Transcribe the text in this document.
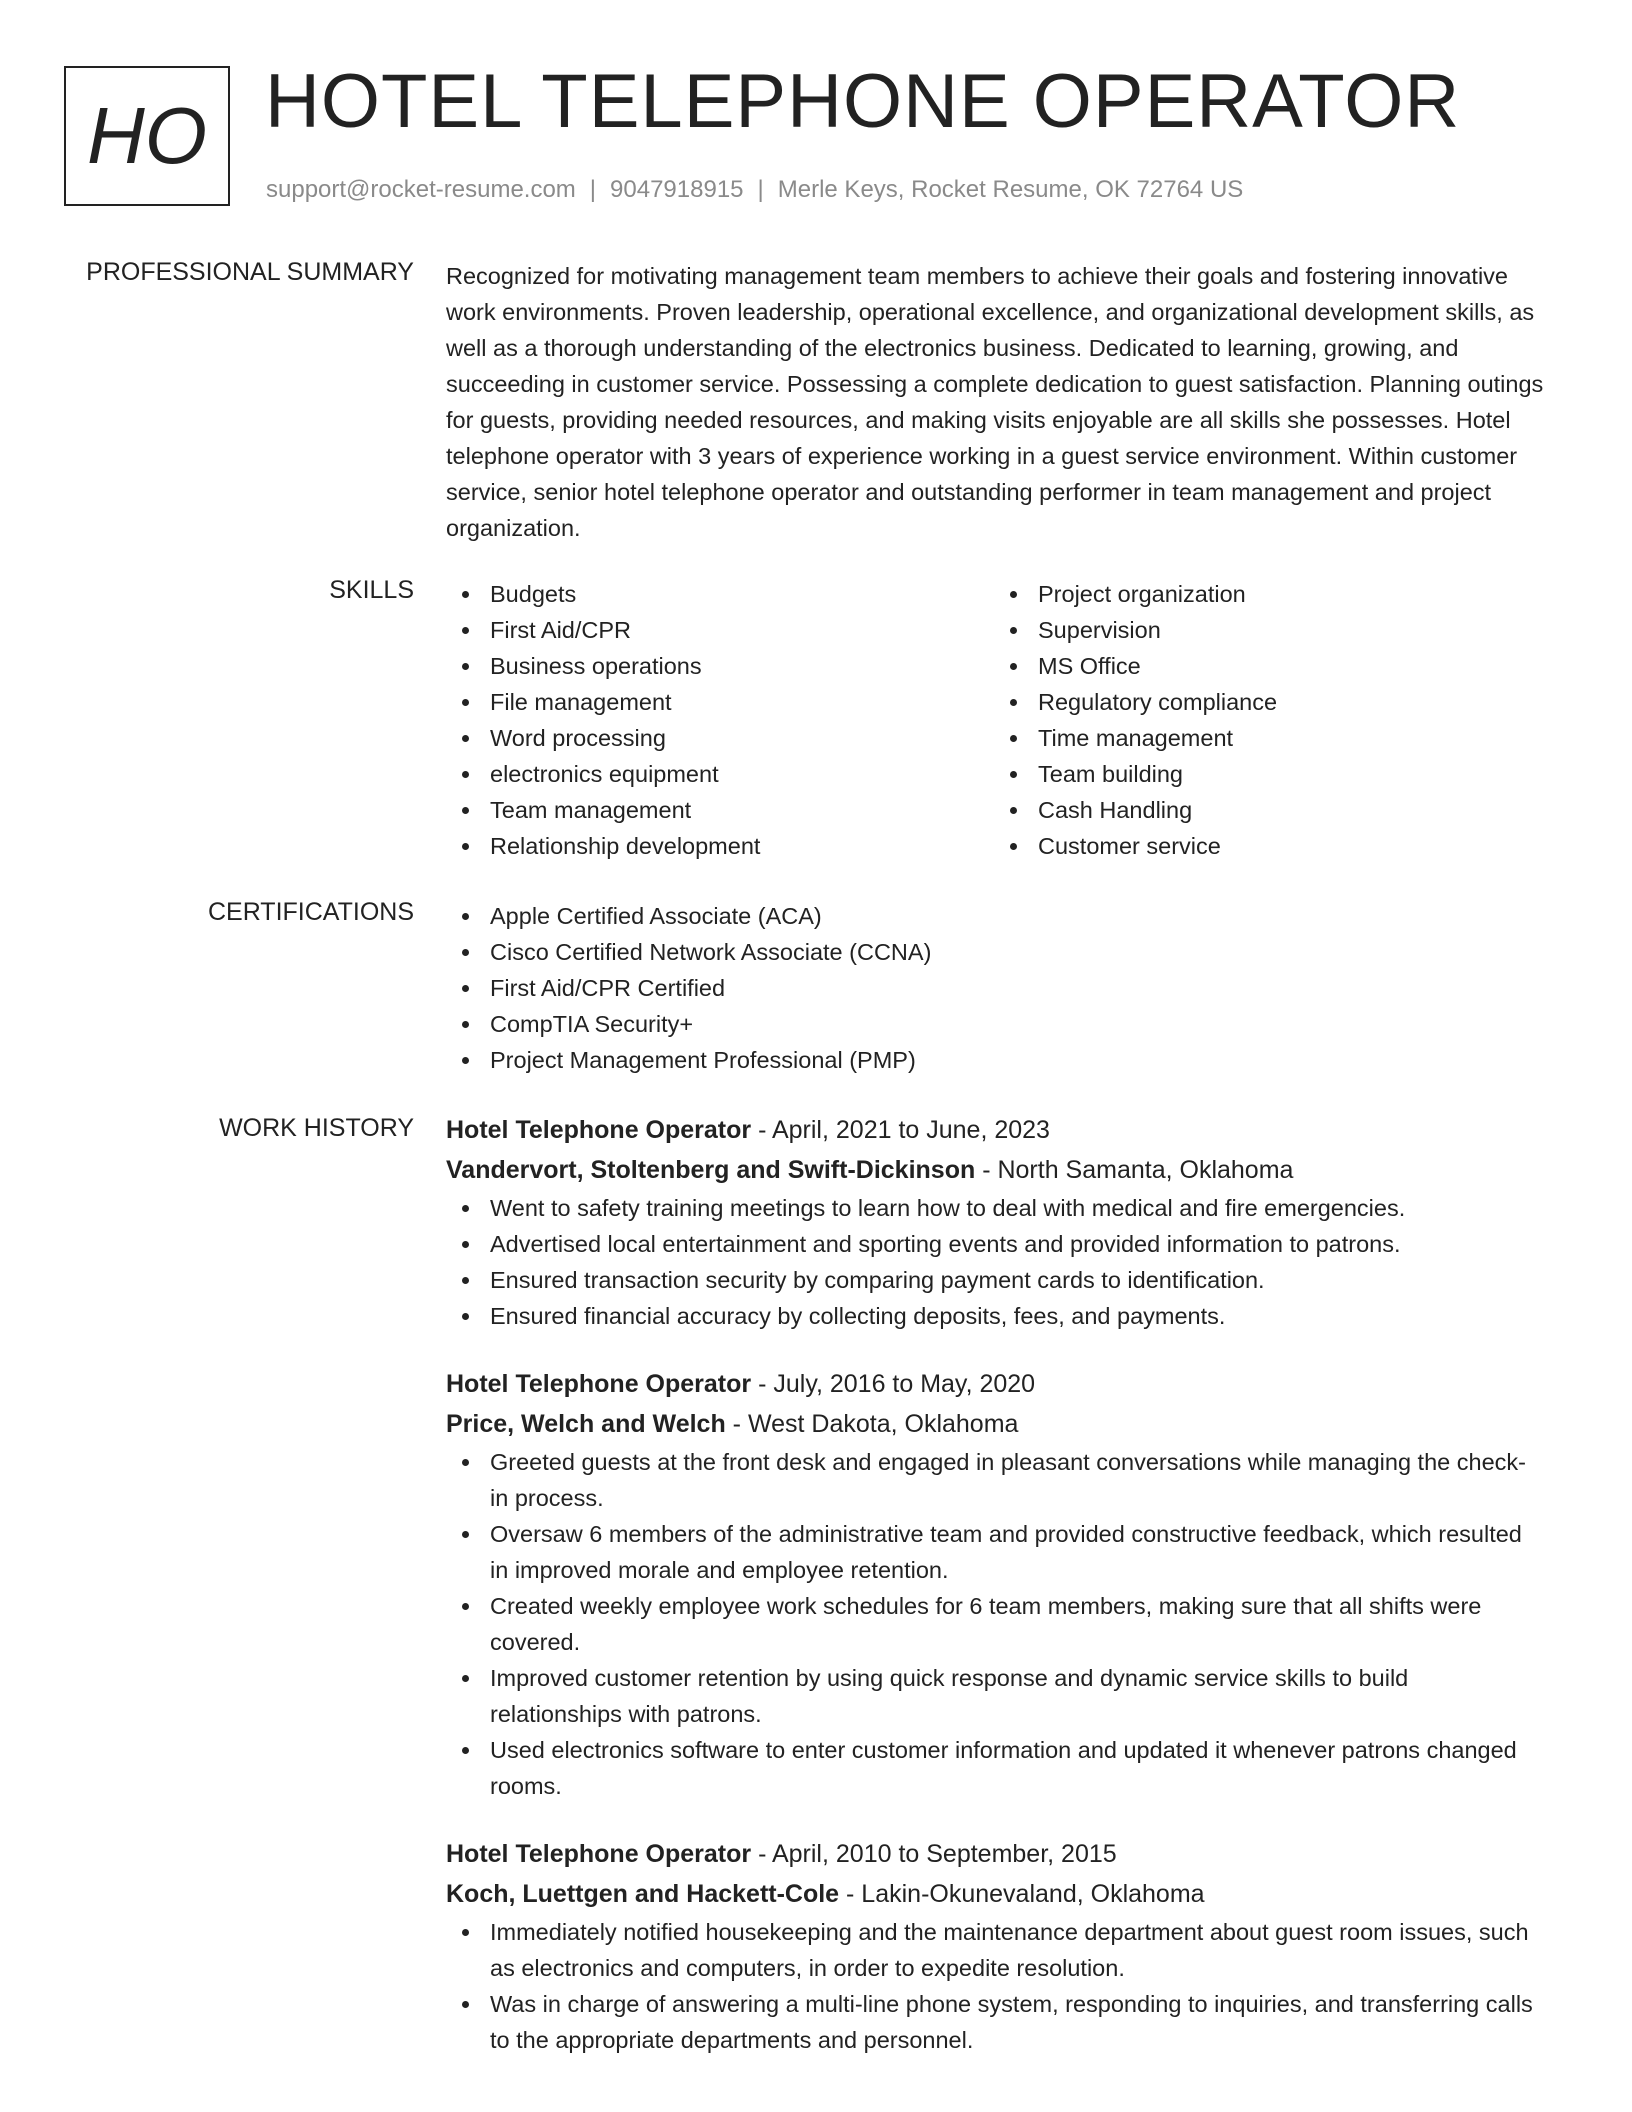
HO HOTEL TELEPHONE OPERATOR
support@rocket-resume.com | 9047918915 | Merle Keys, Rocket Resume, OK 72764 US
PROFESSIONAL SUMMARY Recognized for motivating management team members to achieve their goals and fostering innovative work environments. Proven leadership, operational excellence, and organizational development skills, as well as a thorough understanding of the electronics business. Dedicated to learning, growing, and succeeding in customer service. Possessing a complete dedication to guest satisfaction. Planning outings for guests, providing needed resources, and making visits enjoyable are all skills she possesses. Hotel telephone operator with 3 years of experience working in a guest service environment. Within customer service, senior hotel telephone operator and outstanding performer in team management and project organization.

SKILLS	Budgets
First Aid/CPR
Business operations
File management
Word processing
electronics equipment
Team management
Relationship development
Project organization
Supervision
MS Office
Regulatory compliance
Time management
Team building
Cash Handling
Customer service
CERTIFICATIONS	Apple Certified Associate (ACA)
Cisco Certified Network Associate (CCNA)
First Aid/CPR Certified
CompTIA Security+
Project Management Professional (PMP)
WORK HISTORY Hotel Telephone Operator - April, 2021 to June, 2023
Vandervort, Stoltenberg and Swift-Dickinson - North Samanta, Oklahoma
Went to safety training meetings to learn how to deal with medical and fire emergencies.
Advertised local entertainment and sporting events and provided information to patrons.
Ensured transaction security by comparing payment cards to identification.
Ensured financial accuracy by collecting deposits, fees, and payments.
Hotel Telephone Operator - July, 2016 to May, 2020
Price, Welch and Welch - West Dakota, Oklahoma
Greeted guests at the front desk and engaged in pleasant conversations while managing the check-in process.
Oversaw 6 members of the administrative team and provided constructive feedback, which resulted in improved morale and employee retention.
Created weekly employee work schedules for 6 team members, making sure that all shifts were covered.
Improved customer retention by using quick response and dynamic service skills to build relationships with patrons.
Used electronics software to enter customer information and updated it whenever patrons changed rooms.
Hotel Telephone Operator - April, 2010 to September, 2015
Koch, Luettgen and Hackett-Cole - Lakin-Okunevaland, Oklahoma
Immediately notified housekeeping and the maintenance department about guest room issues, such as electronics and computers, in order to expedite resolution.
Was in charge of answering a multi-line phone system, responding to inquiries, and transferring calls to the appropriate departments and personnel.
